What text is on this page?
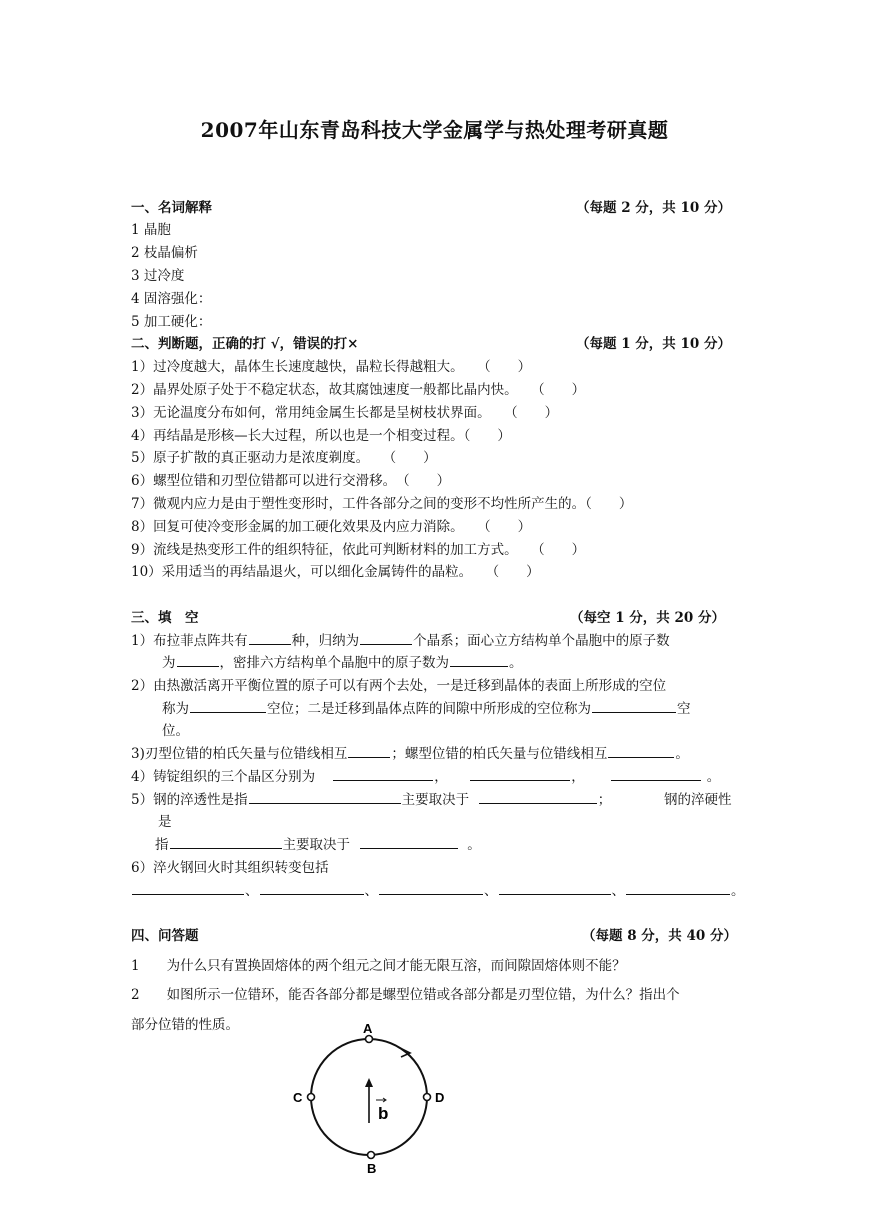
2007年山东青岛科技大学金属学与热处理考研真题
一、名词解释	（每题 2 分，共 10 分）
1 晶胞
2 枝晶偏析
3 过冷度
4 固溶强化：
5 加工硬化：
二、判断题，正确的打 √，错误的打×	（每题 1 分，共 10 分）
1）过冷度越大，晶体生长速度越快，晶粒长得越粗大。　　（　　）
2）晶界处原子处于不稳定状态，故其腐蚀速度一般都比晶内快。　　（　　）
3）无论温度分布如何，常用纯金属生长都是呈树枝状界面。　　（　　）
4）再结晶是形核—长大过程，所以也是一个相变过程。（　　）
5）原子扩散的真正驱动力是浓度剃度。　　（　　）
6）螺型位错和刃型位错都可以进行交滑移。　（　　）
7）微观内应力是由于塑性变形时，工件各部分之间的变形不均性所产生的。（　　）
8）回复可使冷变形金属的加工硬化效果及内应力消除。　　（　　）
9）流线是热变形工件的组织特征，依此可判断材料的加工方式。　　（　　）
10）采用适当的再结晶退火，可以细化金属铸件的晶粒。　　（　　）
三、填　空	（每空 1 分，共 20 分）
1）布拉菲点阵共有	种，归纳为	个晶系；面心立方结构单个晶胞中的原子数
为	，密排六方结构单个晶胞中的原子数为	。
2）由热激活离开平衡位置的原子可以有两个去处，一是迁移到晶体的表面上所形成的空位
称为	空位；二是迁移到晶体点阵的间隙中所形成的空位称为	空
位。
3)刃型位错的柏氏矢量与位错线相互	；螺型位错的柏氏矢量与位错线相互	。
4）铸锭组织的三个晶区分别为	，	，	。
5）钢的淬透性是指	主要取决于	；	钢的淬硬性
是
指	主要取决于	。
6）淬火钢回火时其组织转变包括
、	、	、	、	。
四、问答题	（每题 8 分，共 40 分）
1　　为什么只有置换固熔体的两个组元之间才能无限互溶，而间隙固熔体则不能？
2　　如图所示一位错环，能否各部分都是螺型位错或各部分都是刃型位错，为什么？指出个
部分位错的性质。	A
B
C	D
b
